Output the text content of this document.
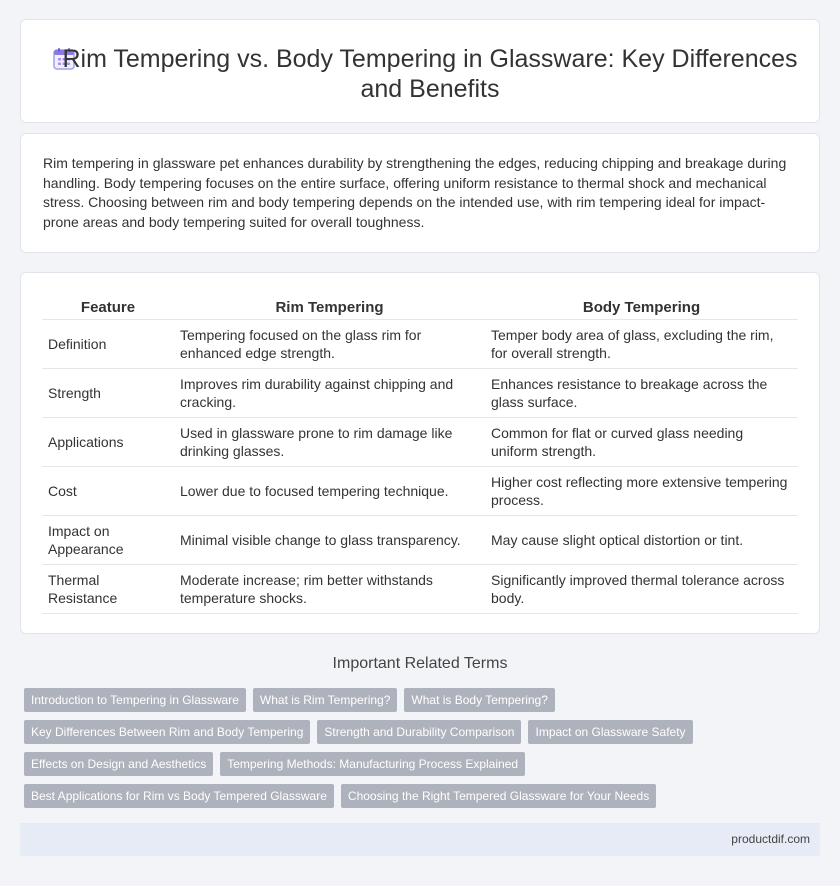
Rim Tempering vs. Body Tempering in Glassware: Key Differences and Benefits

Rim tempering in glassware pet enhances durability by strengthening the edges, reducing chipping and breakage during handling. Body tempering focuses on the entire surface, offering uniform resistance to thermal shock and mechanical stress. Choosing between rim and body tempering depends on the intended use, with rim tempering ideal for impact-prone areas and body tempering suited for overall toughness.

Feature	Rim Tempering	Body Tempering
Definition	Tempering focused on the glass rim for enhanced edge strength.	Temper body area of glass, excluding the rim, for overall strength.
Strength	Improves rim durability against chipping and cracking.	Enhances resistance to breakage across the glass surface.
Applications	Used in glassware prone to rim damage like drinking glasses.	Common for flat or curved glass needing uniform strength.
Cost	Lower due to focused tempering technique.	Higher cost reflecting more extensive tempering process.
Impact on Appearance	Minimal visible change to glass transparency.	May cause slight optical distortion or tint.
Thermal Resistance	Moderate increase; rim better withstands temperature shocks.	Significantly improved thermal tolerance across body.
Important Related Terms
Introduction to Tempering in Glassware	What is Rim Tempering?	What is Body Tempering?
Key Differences Between Rim and Body Tempering	Strength and Durability Comparison	Impact on Glassware Safety
Effects on Design and Aesthetics	Tempering Methods: Manufacturing Process Explained
Best Applications for Rim vs Body Tempered Glassware	Choosing the Right Tempered Glassware for Your Needs
productdif.com
